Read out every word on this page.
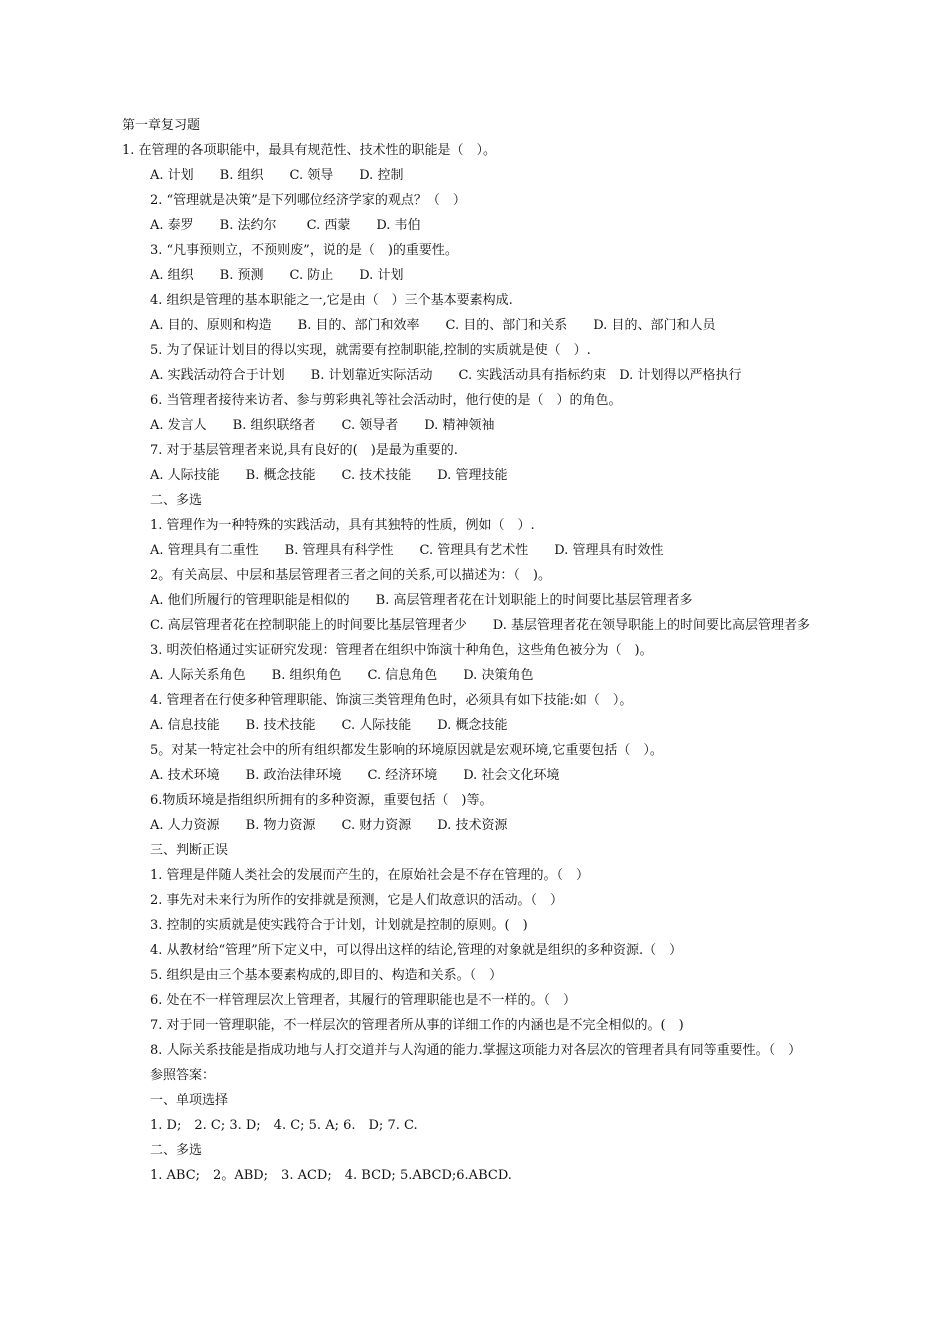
第一章复习题
1. 在管理的各项职能中，最具有规范性、技术性的职能是（　）。
A. 计划　　B. 组织　　C. 领导　　D. 控制
2. “管理就是决策”是下列哪位经济学家的观点？（　）
A. 泰罗　　B. 法约尔　　 C. 西蒙　　D. 韦伯
3. “凡事预则立，不预则废”，说的是（　)的重要性。
A. 组织　　B. 预测　　C. 防止　　D. 计划
4. 组织是管理的基本职能之一,它是由（　）三个基本要素构成.
A. 目的、原则和构造　　B. 目的、部门和效率　　C. 目的、部门和关系　　D. 目的、部门和人员
5. 为了保证计划目的得以实现，就需要有控制职能,控制的实质就是使（　）.
A. 实践活动符合于计划　　B. 计划靠近实际活动　　C. 实践活动具有指标约束　D. 计划得以严格执行
6. 当管理者接待来访者、参与剪彩典礼等社会活动时，他行使的是（　）的角色。
A. 发言人　　B. 组织联络者　　C. 领导者　　D. 精神领袖
7. 对于基层管理者来说,具有良好的(　)是最为重要的.
A. 人际技能　　B. 概念技能　　C. 技术技能　　D. 管理技能
二、多选
1. 管理作为一种特殊的实践活动，具有其独特的性质，例如（　）.
A. 管理具有二重性　　B. 管理具有科学性　　C. 管理具有艺术性　　D. 管理具有时效性
2。有关高层、中层和基层管理者三者之间的关系,可以描述为：（　)。
A. 他们所履行的管理职能是相似的　　B. 高层管理者花在计划职能上的时间要比基层管理者多
C. 高层管理者花在控制职能上的时间要比基层管理者少　　D. 基层管理者花在领导职能上的时间要比高层管理者多
3. 明茨伯格通过实证研究发现：管理者在组织中饰演十种角色，这些角色被分为（　)。
A. 人际关系角色　　B. 组织角色　　C. 信息角色　　D. 决策角色
4. 管理者在行使多种管理职能、饰演三类管理角色时，必须具有如下技能:如（　）。
A. 信息技能　　B. 技术技能　　C. 人际技能　　D. 概念技能
5。对某一特定社会中的所有组织都发生影响的环境原因就是宏观环境,它重要包括（　）。
A. 技术环境　　B. 政治法律环境　　C. 经济环境　　D. 社会文化环境
6.物质环境是指组织所拥有的多种资源，重要包括（　)等。
A. 人力资源　　B. 物力资源　　C. 财力资源　　D. 技术资源
三、判断正误
1. 管理是伴随人类社会的发展而产生的，在原始社会是不存在管理的。（　）
2. 事先对未来行为所作的安排就是预测，它是人们故意识的活动。（　）
3. 控制的实质就是使实践符合于计划，计划就是控制的原则。(　)
4. 从教材给“管理”所下定义中，可以得出这样的结论,管理的对象就是组织的多种资源.（　）
5. 组织是由三个基本要素构成的,即目的、构造和关系。（　）
6. 处在不一样管理层次上管理者，其履行的管理职能也是不一样的。（　）
7. 对于同一管理职能，不一样层次的管理者所从事的详细工作的内涵也是不完全相似的。(　)
8. 人际关系技能是指成功地与人打交道并与人沟通的能力.掌握这项能力对各层次的管理者具有同等重要性。（　）
参照答案：
一、单项选择
1. D;　2. C; 3. D;　4. C; 5. A; 6.　D; 7. C.
二、多选
1. ABC;　2。ABD;　3. ACD;　4. BCD; 5.ABCD;6.ABCD.
